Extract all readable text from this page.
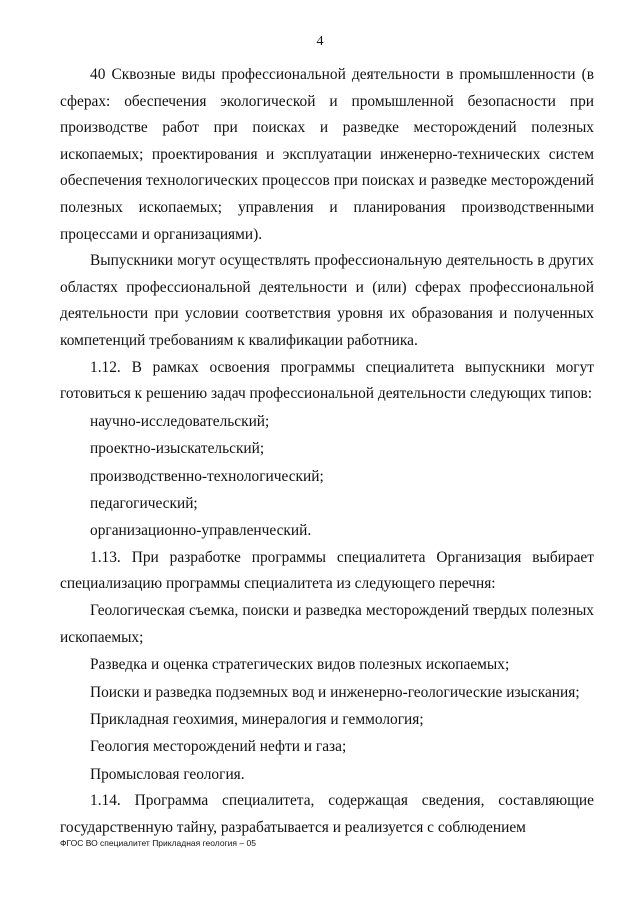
4

40 Сквозные виды профессиональной деятельности в промышленности (в сферах: обеспечения экологической и промышленной безопасности при производстве работ при поисках и разведке месторождений полезных ископаемых; проектирования и эксплуатации инженерно-технических систем обеспечения технологических процессов при поисках и разведке месторождений полезных ископаемых; управления и планирования производственными процессами и организациями).

Выпускники могут осуществлять профессиональную деятельность в других областях профессиональной деятельности и (или) сферах профессиональной деятельности при условии соответствия уровня их образования и полученных компетенций требованиям к квалификации работника.

1.12. В рамках освоения программы специалитета выпускники могут готовиться к решению задач профессиональной деятельности следующих типов:

научно-исследовательский;

проектно-изыскательский;

производственно-технологический;

педагогический;

организационно-управленческий.

1.13. При разработке программы специалитета Организация выбирает специализацию программы специалитета из следующего перечня:

Геологическая съемка, поиски и разведка месторождений твердых полезных ископаемых;

Разведка и оценка стратегических видов полезных ископаемых;

Поиски и разведка подземных вод и инженерно-геологические изыскания;

Прикладная геохимия, минералогия и геммология;

Геология месторождений нефти и газа;

Промысловая геология.

1.14. Программа специалитета, содержащая сведения, составляющие государственную тайну, разрабатывается и реализуется с соблюдением

ФГОС ВО специалитет Прикладная геология – 05
